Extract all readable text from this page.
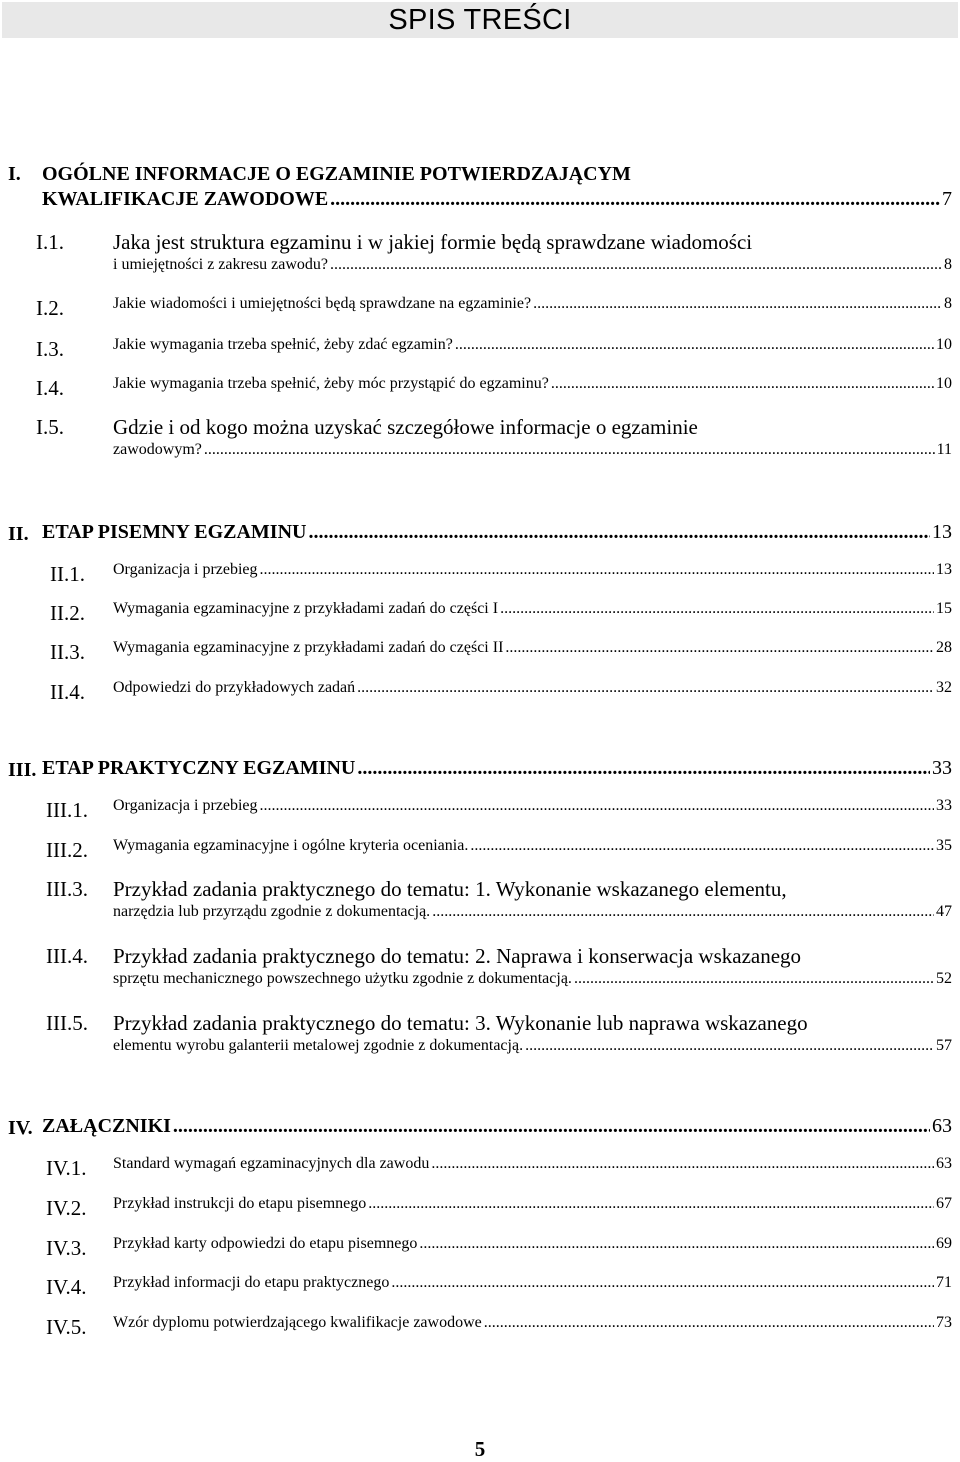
SPIS TREŚCI
I. OGÓLNE INFORMACJE O EGZAMINIE POTWIERDZAJĄCYM
KWALIFIKACJE ZAWODOWE .....	7
I.1. Jaka jest struktura egzaminu i w jakiej formie będą sprawdzane wiadomości
i umiejętności z zakresu zawodu? .....	8
I.2.	Jakie wiadomości i umiejętności będą sprawdzane na egzaminie? .....	8
I.3.	Jakie wymagania trzeba spełnić, żeby zdać egzamin? .....	10
I.4.	Jakie wymagania trzeba spełnić, żeby móc przystąpić do egzaminu? .....	10
I.5. Gdzie i od kogo można uzyskać szczegółowe informacje o egzaminie
zawodowym? .....	11
II. ETAP PISEMNY EGZAMINU .....	13
II.1. Organizacja i przebieg .....	13
II.2. Wymagania egzaminacyjne z przykładami zadań do części I .....	15
II.3. Wymagania egzaminacyjne z przykładami zadań do części II .....	28
II.4. Odpowiedzi do przykładowych zadań .....	32
III. ETAP PRAKTYCZNY EGZAMINU .....	33
III.1. Organizacja i przebieg .....	33
III.2. Wymagania egzaminacyjne i ogólne kryteria oceniania. .....	35
III.3. Przykład zadania praktycznego do tematu: 1. Wykonanie wskazanego elementu,
narzędzia lub przyrządu zgodnie z dokumentacją. .....	47
III.4. Przykład zadania praktycznego do tematu: 2. Naprawa i konserwacja wskazanego
sprzętu mechanicznego powszechnego użytku zgodnie z dokumentacją. .....	52
III.5. Przykład zadania praktycznego do tematu: 3. Wykonanie lub naprawa wskazanego
elementu wyrobu galanterii metalowej zgodnie z dokumentacją. .....	57
IV. ZAŁĄCZNIKI .....	63
IV.1. Standard wymagań egzaminacyjnych dla zawodu .....	63
IV.2. Przykład instrukcji do etapu pisemnego .....	67
IV.3. Przykład karty odpowiedzi do etapu pisemnego .....	69
IV.4. Przykład informacji do etapu praktycznego .....	71
IV.5. Wzór dyplomu potwierdzającego kwalifikacje zawodowe .....	73
5
